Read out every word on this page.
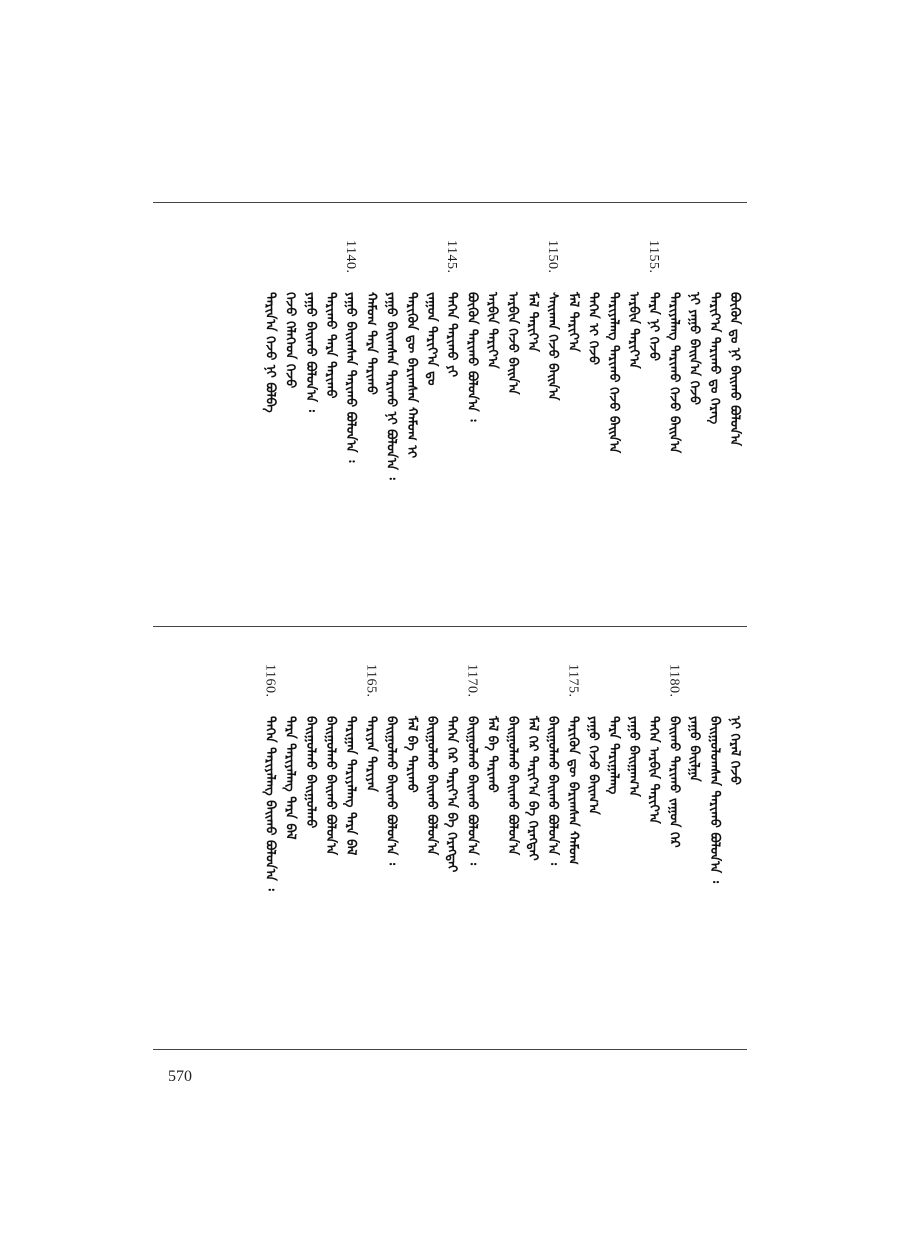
ᠪᠦᠬᠦᠨ ᠳᠤ ᠨᠢ ᠪᠠᠢᠬᠤ ᠪᠣᠯᠤᠨ᠎ᠠ
ᠲᠠᠷᠢᠶ᠎ᠠ ᠲᠠᠷᠢᠬᠤ ᠳᠤ ᠬᠡᠷᠡᠭ
ᠨᠢ ᠶᠠᠭᠤ ᠪᠠᠢᠨ᠎ᠠ ᠭᠡᠵᠦ
ᠲᠠᠷᠢᠶᠠᠯᠠᠩ ᠲᠠᠷᠢᠬᠤ ᠭᠡᠵᠦ ᠪᠠᠢᠨ᠎ᠠ
1155.
ᠲᠡᠷᠡ ᠨᠢ ᠭᠡᠵᠦ
ᠠᠷᠪᠢᠨ ᠲᠠᠷᠢᠶ᠎ᠠ
ᠲᠠᠷᠢᠶᠠᠯᠠᠩ ᠲᠠᠷᠢᠬᠤ ᠭᠡᠵᠦ ᠪᠠᠢᠨ᠎ᠠ
ᠲᠡᠭᠡᠨ ᠢ ᠭᠡᠵᠦ
ᠮᠠᠯ ᠲᠠᠷᠢᠶ᠎ᠠ
1150.
ᠰᠠᠢᠬᠠᠨ ᠭᠡᠵᠦ ᠪᠠᠢᠨ᠎ᠠ
ᠮᠠᠯ ᠲᠠᠷᠢᠶ᠎ᠠ
ᠠᠷᠪᠢᠨ ᠭᠡᠵᠦ ᠪᠠᠢᠨ᠎ᠠ
ᠠᠷᠪᠢᠨ ᠲᠠᠷᠢᠶ᠎ᠠ
ᠪᠦᠬᠦᠨ ᠲᠠᠷᠢᠬᠤ ᠪᠣᠯᠤᠨ᠎ᠠ ᠄
1145.
ᠲᠡᠭᠡᠨ ᠲᠠᠷᠢᠬᠤ ᠶᠢ
ᠵᠠᠭᠤᠨ ᠲᠠᠷᠢᠶ᠎ᠠ ᠳᠤ
ᠲᠡᠷᠢᠭᠦᠨ ᠳᠦ ᠪᠠᠷᠢᠭᠰᠠᠨ ᠬᠠᠮᠤᠭ ᠢ
ᠶᠠᠭᠤ ᠪᠠᠢᠭᠰᠠᠨ ᠲᠠᠷᠢᠬᠤ ᠨᠢ ᠪᠣᠯᠤᠨ᠎ᠠ ᠄
ᠬᠠᠮᠤᠭ ᠲᠡᠷᠡ ᠲᠠᠷᠢᠬᠤ
1140.
ᠶᠠᠭᠤ ᠪᠠᠢᠭᠰᠠᠨ ᠲᠠᠷᠢᠬᠤ ᠪᠣᠯᠤᠨ᠎ᠠ ᠄
ᠲᠠᠷᠢᠬᠤ ᠲᠡᠷᠡ ᠲᠠᠷᠢᠬᠤ
ᠶᠠᠭᠤ ᠪᠠᠢᠬᠤ ᠪᠣᠯᠤᠨ᠎ᠠ ᠄
ᠭᠡᠵᠦ ᠬᠡᠯᠡᠭᠡᠳ ᠭᠡᠵᠦ
ᠲᠠᠷᠢᠨ᠎ᠠ ᠭᠡᠵᠦ ᠨᠢ ᠪᠣᠯᠪᠠ
ᠨᠢ ᠭᠡᠷᠡᠯ ᠭᠡᠵᠦ
ᠪᠠᠢᠭᠤᠯᠤᠭᠰᠠᠨ ᠲᠠᠷᠢᠬᠤ ᠪᠣᠯᠤᠨ᠎ᠠ ᠄
ᠶᠠᠭᠤ ᠪᠠᠢᠯᠭᠠ
1180.
ᠪᠠᠢᠬᠤ ᠲᠠᠷᠢᠬᠤ ᠵᠠᠭᠤᠨ ᠬᠡᠷ
ᠲᠡᠭᠡᠨ ᠠᠷᠪᠢᠨ ᠲᠠᠷᠢᠶ᠎ᠠ
ᠶᠠᠭᠤ ᠪᠠᠢᠭᠠᠭ᠎ᠠ
ᠲᠡᠷᠡ ᠲᠠᠷᠢᠭᠠᠯᠠᠩ
ᠶᠠᠭᠤ ᠭᠡᠵᠦ ᠪᠠᠢᠭ᠎ᠠ
1175.
ᠲᠡᠷᠢᠭᠦᠨ ᠳᠦ ᠪᠠᠷᠢᠭᠰᠠᠨ ᠬᠠᠮᠤᠭ
ᠪᠠᠢᠭᠤᠯᠬᠤ ᠪᠠᠢᠬᠤ ᠪᠣᠯᠤᠨ᠎ᠠ ᠄
ᠮᠠᠯ ᠬᠡᠷ ᠲᠠᠷᠢᠶ᠎ᠠ ᠪᠡ ᠬᠡᠷᠡᠭᠲᠡᠢ
ᠪᠠᠢᠭᠤᠯᠬᠤ ᠪᠠᠢᠬᠤ ᠪᠣᠯᠤᠨ᠎ᠠ
ᠮᠠᠯ ᠪᠡ ᠲᠠᠷᠢᠬᠤ
1170.
ᠪᠠᠢᠭᠤᠯᠬᠤ ᠪᠠᠢᠬᠤ ᠪᠣᠯᠤᠨ᠎ᠠ ᠄
ᠲᠡᠭᠡᠨ ᠬᠡᠷ ᠲᠠᠷᠢᠶ᠎ᠠ ᠪᠡ ᠬᠡᠷᠡᠭᠲᠡᠢ
ᠪᠠᠢᠭᠤᠯᠬᠤ ᠪᠠᠢᠬᠤ ᠪᠣᠯᠤᠨ᠎ᠠ
ᠮᠠᠯ ᠪᠡ ᠲᠠᠷᠢᠬᠤ
ᠪᠠᠢᠭᠤᠯᠬᠤ ᠪᠠᠢᠬᠤ ᠪᠣᠯᠤᠨ᠎ᠠ ᠄
1165.
ᠲᠠᠷᠢᠶᠠᠨ ᠲᠠᠷᠢᠶᠠᠨ
ᠲᠠᠷᠢᠭᠠᠨ ᠲᠠᠷᠢᠶᠠᠯᠠᠩ ᠲᠡᠷᠡ ᠪᠡᠯ
ᠪᠠᠢᠭᠤᠯᠬᠤ ᠪᠠᠢᠬᠤ ᠪᠣᠯᠤᠨ᠎ᠠ
ᠪᠠᠢᠭᠤᠯᠬᠤ ᠪᠠᠢᠭᠤᠯᠬᠤ
ᠲᠡᠷᠡ ᠲᠠᠷᠢᠶᠠᠯᠠᠩ ᠲᠡᠷᠡ ᠪᠡᠯ
1160.
ᠲᠡᠭᠡᠨ ᠲᠠᠷᠢᠶᠠᠯᠠᠩ ᠪᠠᠢᠬᠤ ᠪᠣᠯᠤᠨ᠎ᠠ ᠄
570
